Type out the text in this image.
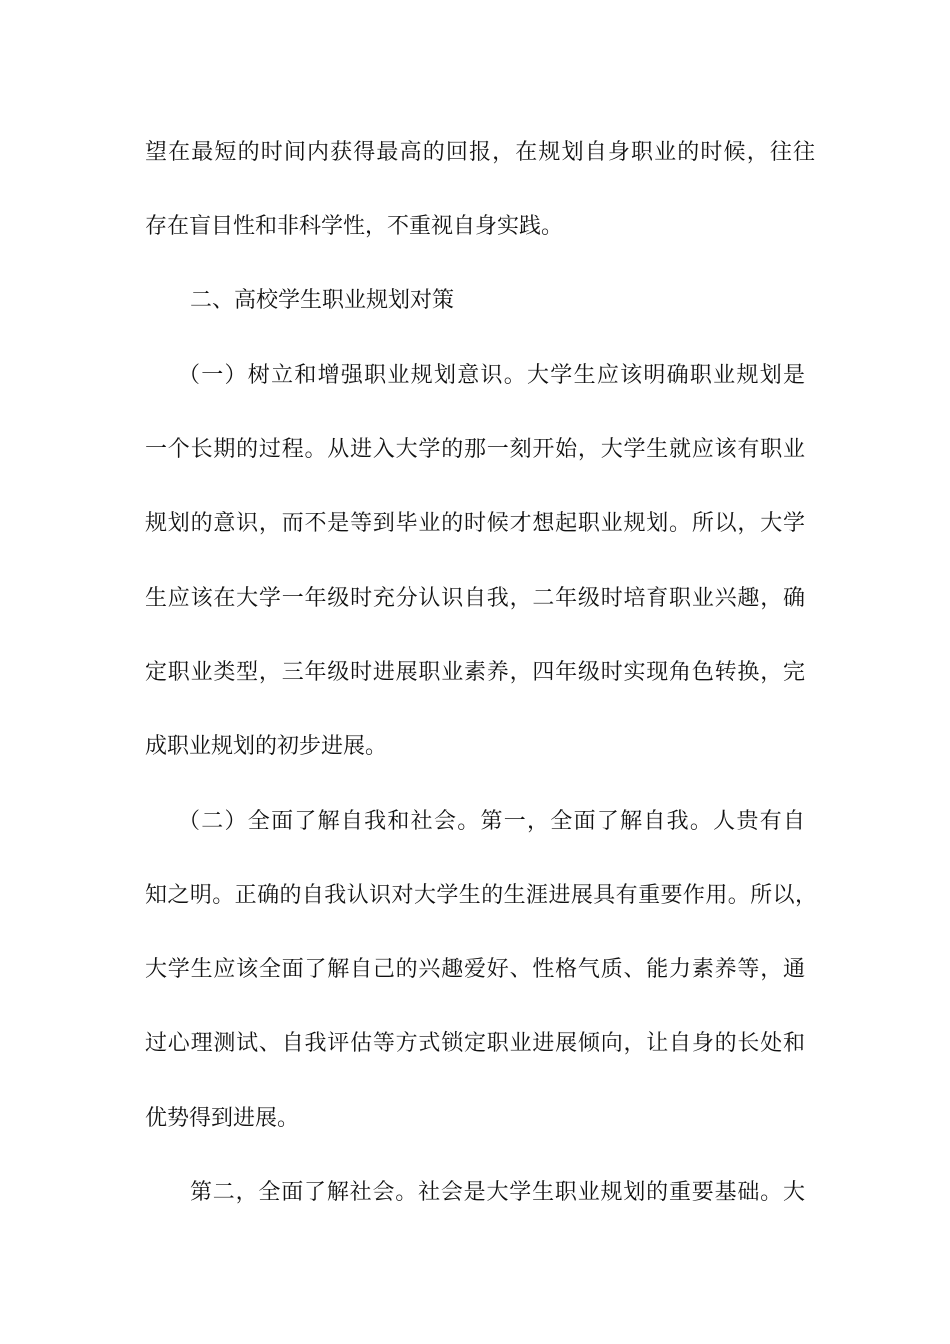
望在最短的时间内获得最高的回报，在规划自身职业的时候，往往
存在盲目性和非科学性，不重视自身实践。
二、高校学生职业规划对策
（一）树立和增强职业规划意识。大学生应该明确职业规划是
一个长期的过程。从进入大学的那一刻开始，大学生就应该有职业
规划的意识，而不是等到毕业的时候才想起职业规划。所以，大学
生应该在大学一年级时充分认识自我，二年级时培育职业兴趣，确
定职业类型，三年级时进展职业素养，四年级时实现角色转换，完
成职业规划的初步进展。
（二）全面了解自我和社会。第一，全面了解自我。人贵有自
知之明。正确的自我认识对大学生的生涯进展具有重要作用。所以，
大学生应该全面了解自己的兴趣爱好、性格气质、能力素养等，通
过心理测试、自我评估等方式锁定职业进展倾向，让自身的长处和
优势得到进展。
第二，全面了解社会。社会是大学生职业规划的重要基础。大
